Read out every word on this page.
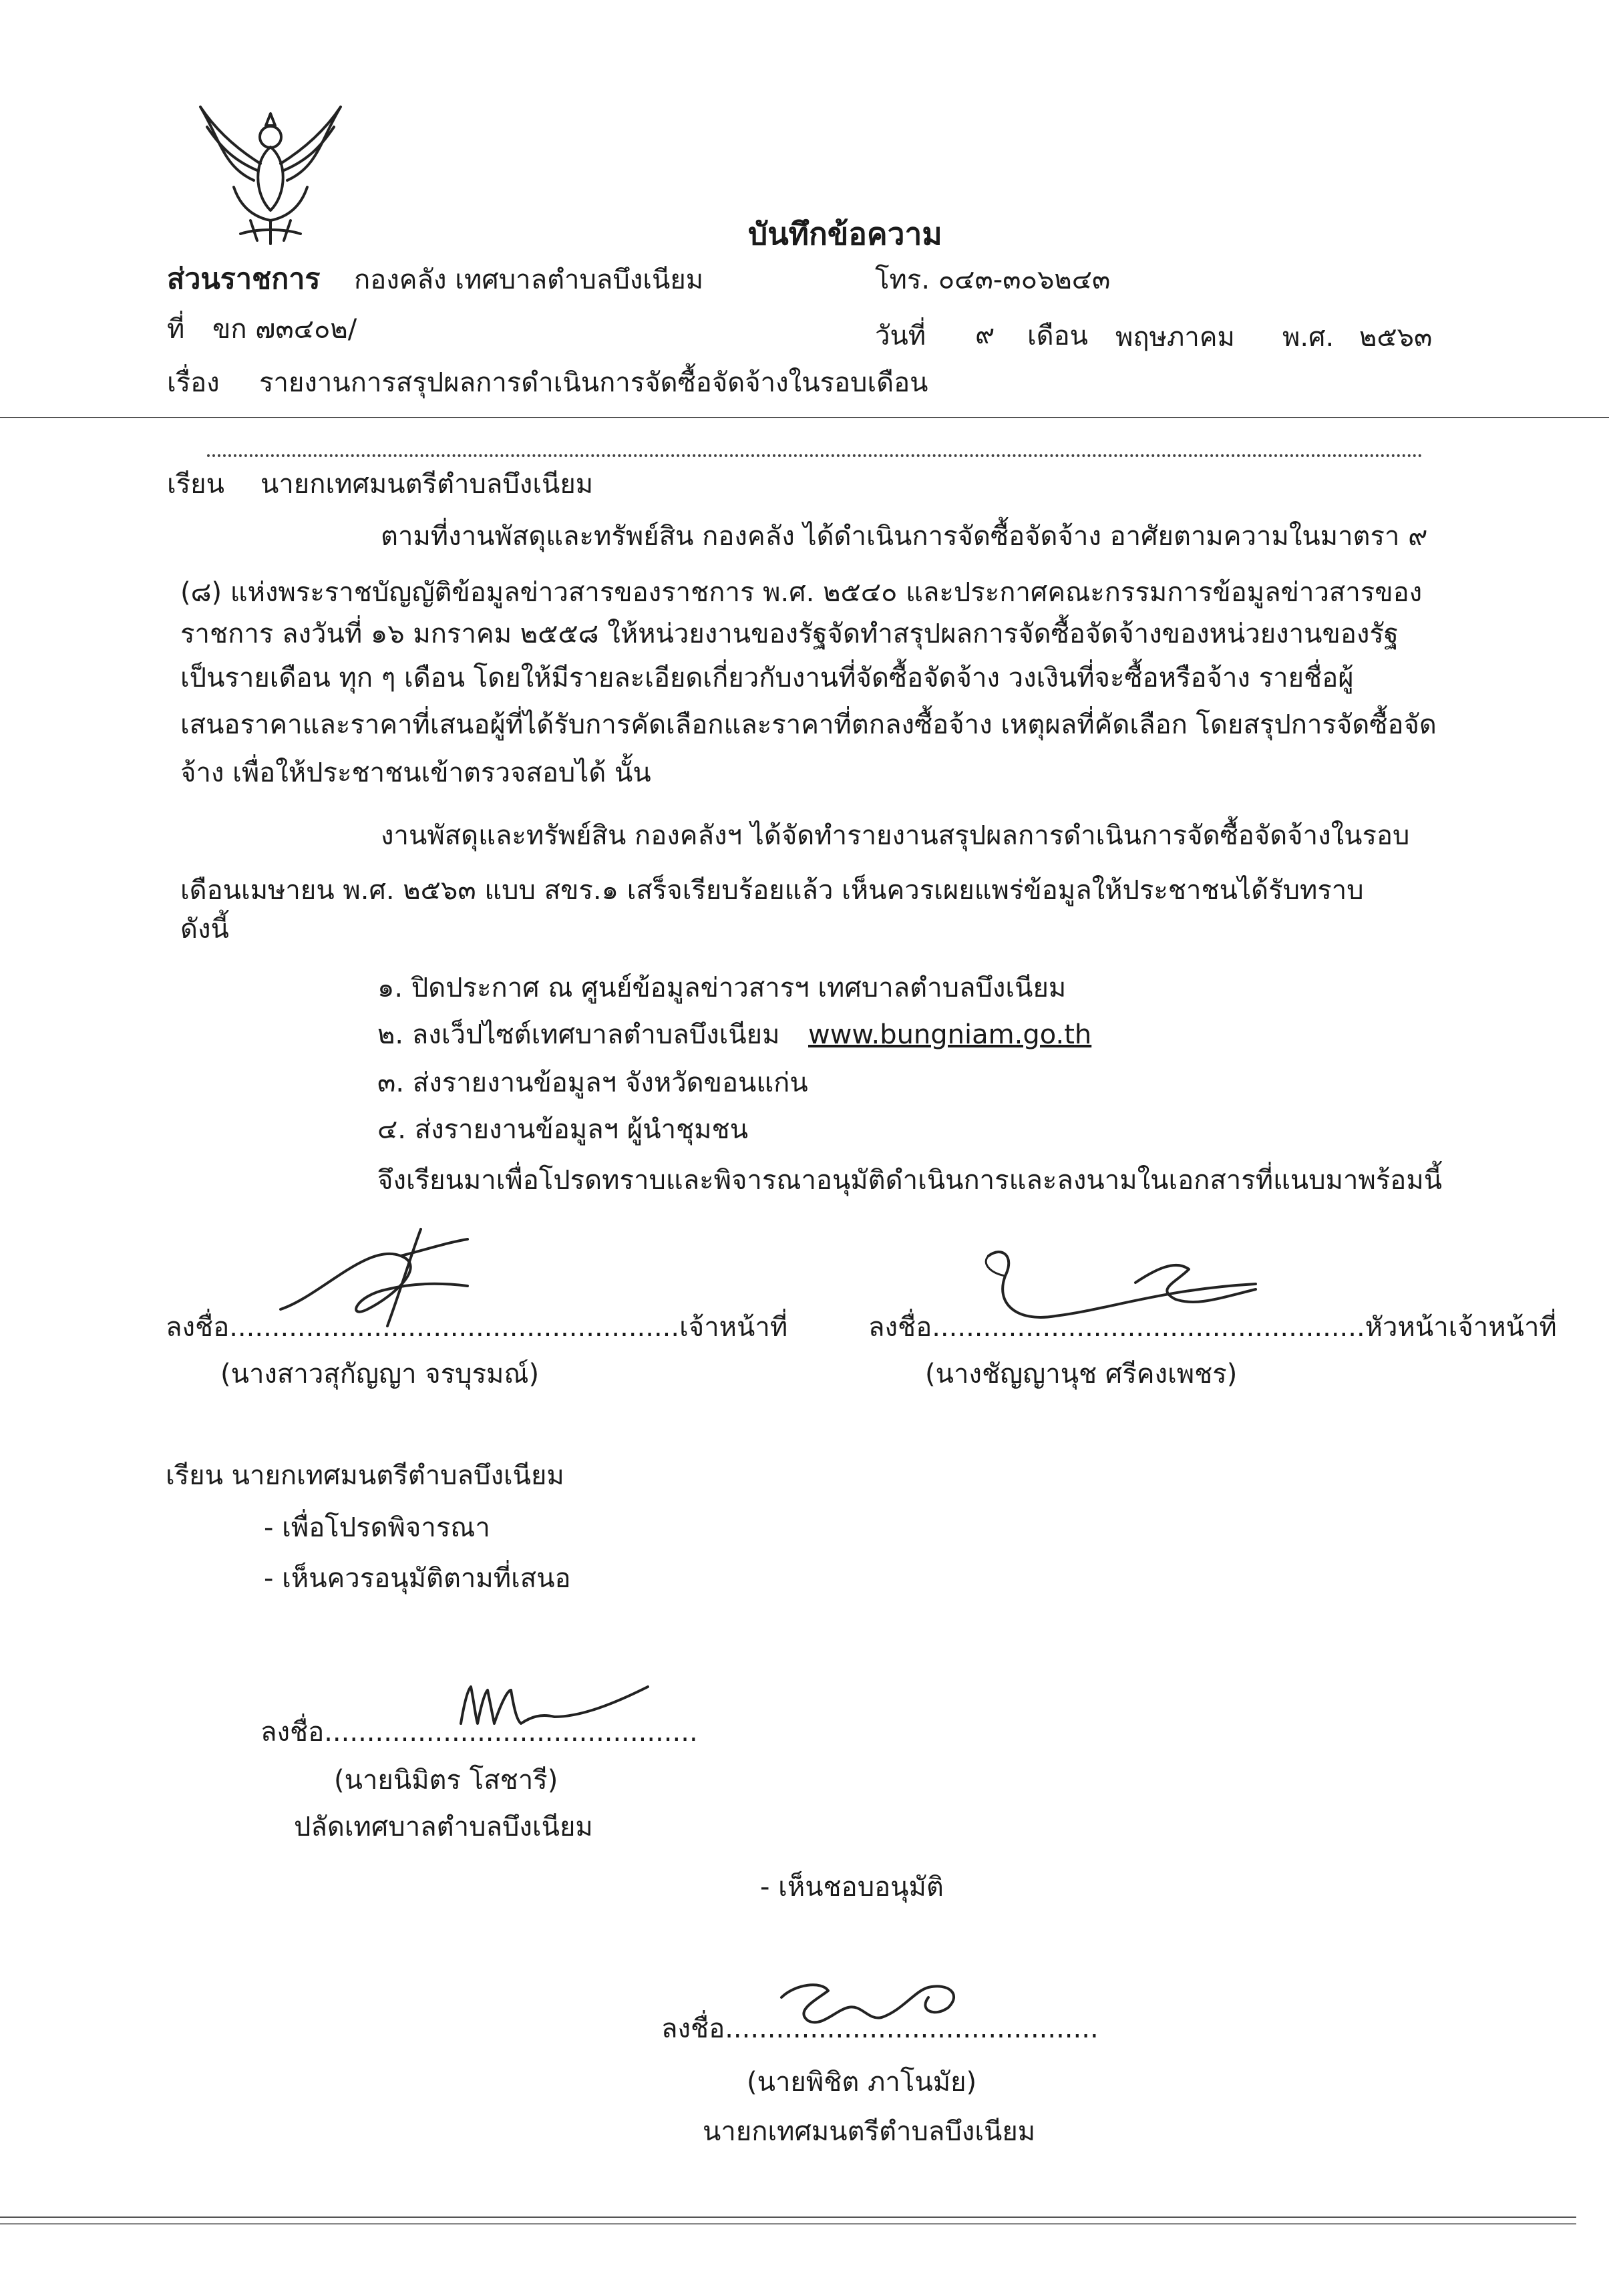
บันทึกข้อความ
ส่วนราชการ กองคลัง เทศบาลตำบลบึงเนียม	โทร. ๐๔๓-๓๐๖๒๔๓
ที่ ขก ๗๓๔๐๒/	วันที่ ๙ เดือน พฤษภาคม พ.ศ. ๒๕๖๓
เรื่อง รายงานการสรุปผลการดำเนินการจัดซื้อจัดจ้างในรอบเดือน
เรียน นายกเทศมนตรีตำบลบึงเนียม
ตามที่งานพัสดุและทรัพย์สิน กองคลัง ได้ดำเนินการจัดซื้อจัดจ้าง อาศัยตามความในมาตรา ๙
(๘) แห่งพระราชบัญญัติข้อมูลข่าวสารของราชการ พ.ศ. ๒๕๔๐ และประกาศคณะกรรมการข้อมูลข่าวสารของ
ราชการ ลงวันที่ ๑๖ มกราคม ๒๕๕๘ ให้หน่วยงานของรัฐจัดทำสรุปผลการจัดซื้อจัดจ้างของหน่วยงานของรัฐ
เป็นรายเดือน ทุก ๆ เดือน โดยให้มีรายละเอียดเกี่ยวกับงานที่จัดซื้อจัดจ้าง วงเงินที่จะซื้อหรือจ้าง รายชื่อผู้
เสนอราคาและราคาที่เสนอผู้ที่ได้รับการคัดเลือกและราคาที่ตกลงซื้อจ้าง เหตุผลที่คัดเลือก โดยสรุปการจัดซื้อจัด
จ้าง เพื่อให้ประชาชนเข้าตรวจสอบได้ นั้น
งานพัสดุและทรัพย์สิน กองคลังฯ ได้จัดทำรายงานสรุปผลการดำเนินการจัดซื้อจัดจ้างในรอบ
เดือนเมษายน พ.ศ. ๒๕๖๓ แบบ สขร.๑ เสร็จเรียบร้อยแล้ว เห็นควรเผยแพร่ข้อมูลให้ประชาชนได้รับทราบ
ดังนี้
๑. ปิดประกาศ ณ ศูนย์ข้อมูลข่าวสารฯ เทศบาลตำบลบึงเนียม
๒. ลงเว็ปไซต์เทศบาลตำบลบึงเนียม www.bungniam.go.th
๓. ส่งรายงานข้อมูลฯ จังหวัดขอนแก่น
๔. ส่งรายงานข้อมูลฯ ผู้นำชุมชน
จึงเรียนมาเพื่อโปรดทราบและพิจารณาอนุมัติดำเนินการและลงนามในเอกสารที่แนบมาพร้อมนี้
ลงชื่อ.....................................................เจ้าหน้าที่
(นางสาวสุกัญญา จรบุรมณ์)
ลงชื่อ...................................................หัวหน้าเจ้าหน้าที่
(นางชัญญานุช ศรีคงเพชร)
เรียน นายกเทศมนตรีตำบลบึงเนียม
- เพื่อโปรดพิจารณา
- เห็นควรอนุมัติตามที่เสนอ
ลงชื่อ............................................
(นายนิมิตร โสชารี)
ปลัดเทศบาลตำบลบึงเนียม
- เห็นชอบอนุมัติ
ลงชื่อ............................................
(นายพิชิต ภาโนมัย)
นายกเทศมนตรีตำบลบึงเนียม
